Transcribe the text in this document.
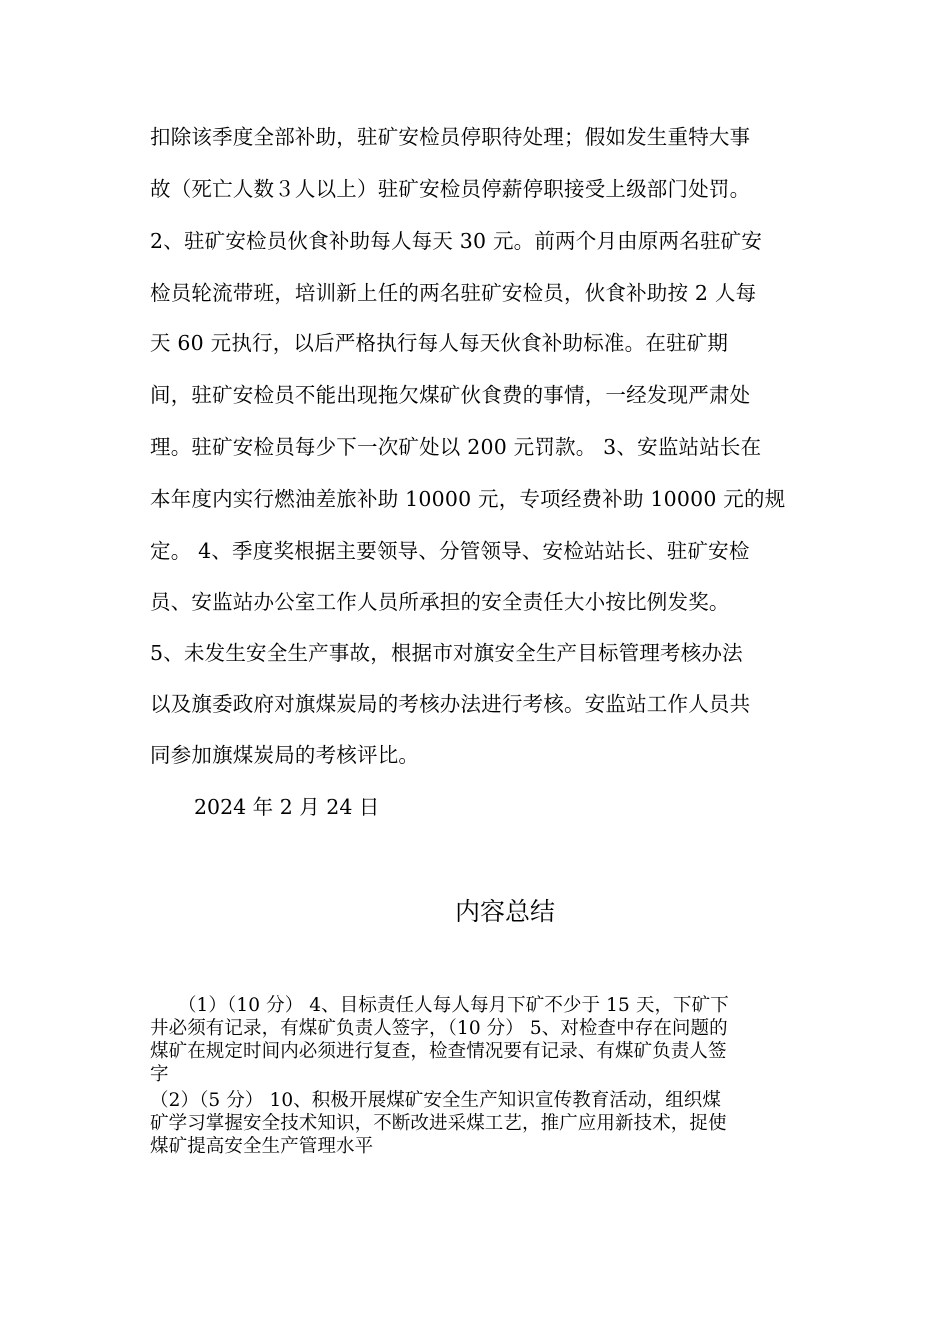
扣除该季度全部补助，驻矿安检员停职待处理；假如发生重特大事
故（死亡人数３人以上）驻矿安检员停薪停职接受上级部门处罚。
2、驻矿安检员伙食补助每人每天 30 元。前两个月由原两名驻矿安
检员轮流带班，培训新上任的两名驻矿安检员，伙食补助按 2 人每
天 60 元执行，以后严格执行每人每天伙食补助标准。在驻矿期
间，驻矿安检员不能出现拖欠煤矿伙食费的事情，一经发现严肃处
理。驻矿安检员每少下一次矿处以 200 元罚款。 3、安监站站长在
本年度内实行燃油差旅补助 10000 元，专项经费补助 10000 元的规
定。 4、季度奖根据主要领导、分管领导、安检站站长、驻矿安检
员、安监站办公室工作人员所承担的安全责任大小按比例发奖。
5、未发生安全生产事故，根据市对旗安全生产目标管理考核办法
以及旗委政府对旗煤炭局的考核办法进行考核。安监站工作人员共
同参加旗煤炭局的考核评比。
2024 年 2 月 24 日
内容总结
　　（1）（10 分） 4、目标责任人每人每月下矿不少于 15 天，下矿下
井必须有记录，有煤矿负责人签字，（10 分） 5、对检查中存在问题的
煤矿在规定时间内必须进行复查，检查情况要有记录、有煤矿负责人签
字
（2）（5 分） 10、积极开展煤矿安全生产知识宣传教育活动，组织煤
矿学习掌握安全技术知识，不断改进采煤工艺，推广应用新技术，捉使
煤矿提高安全生产管理水平
